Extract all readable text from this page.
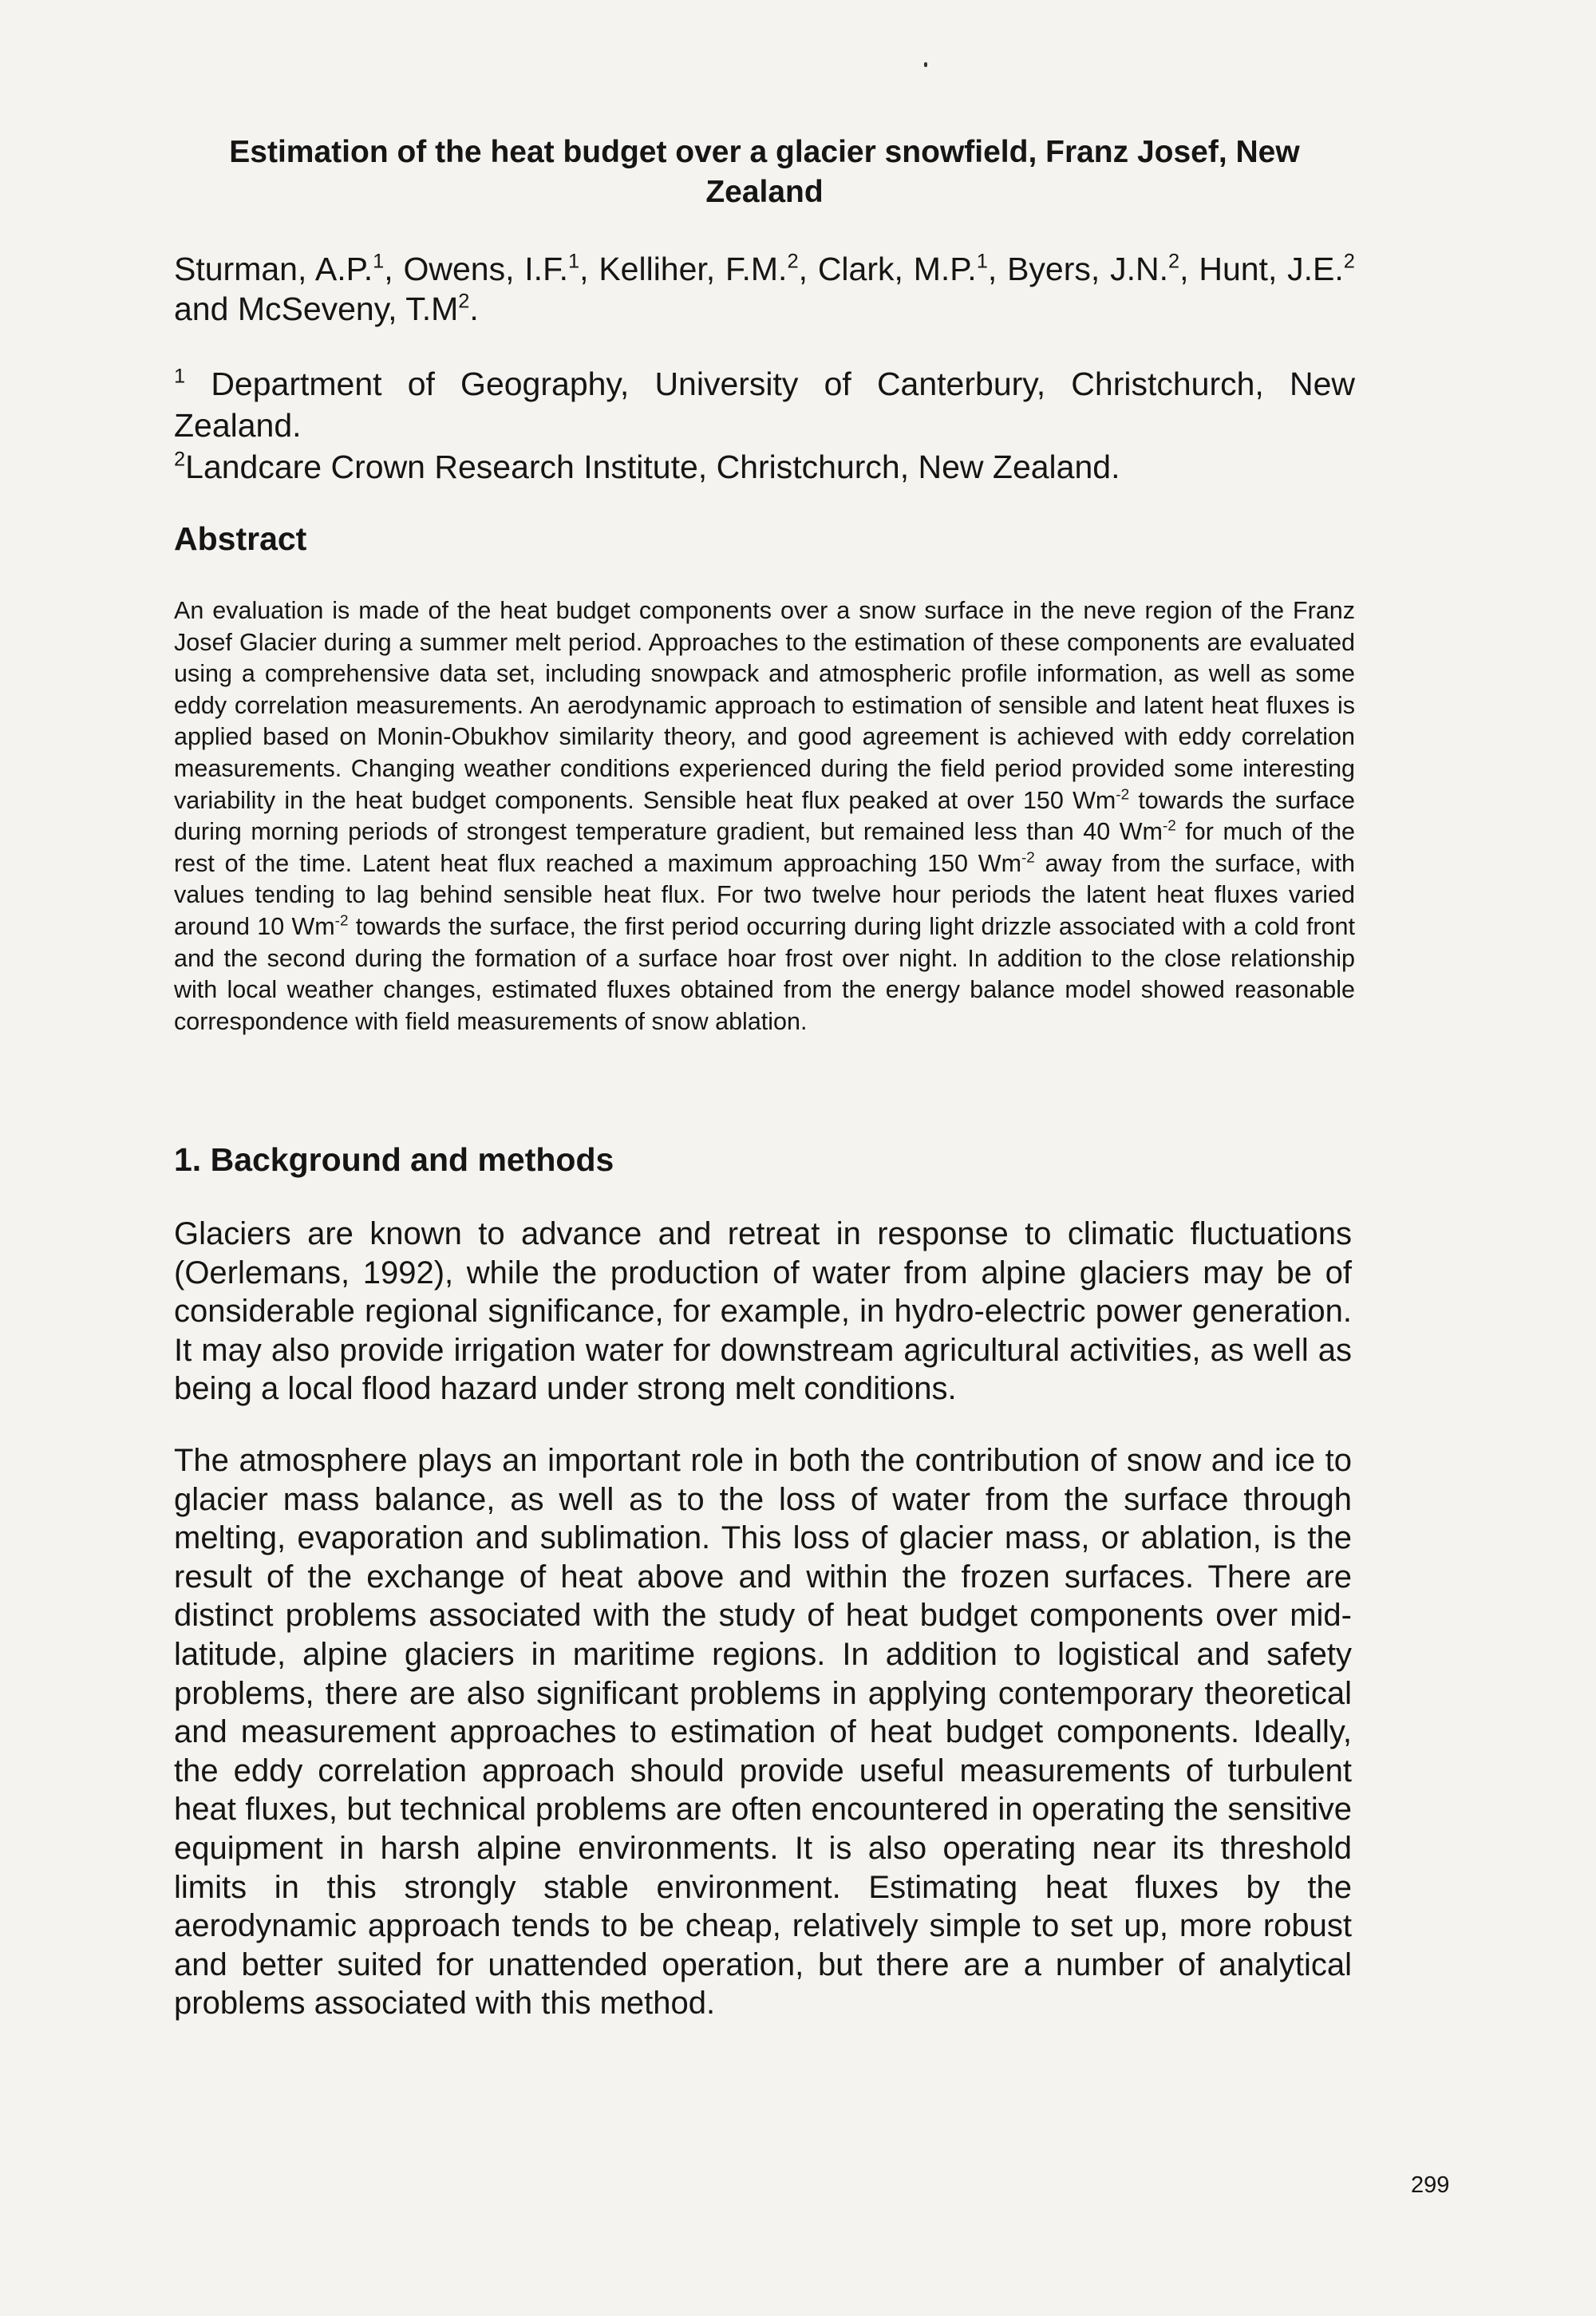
Estimation of the heat budget over a glacier snowfield, Franz Josef, New Zealand
Sturman, A.P.$^1$, Owens, I.F.$^1$, Kelliher, F.M.$^2$, Clark, M.P.$^1$, Byers, J.N.$^2$, Hunt, J.E.$^2$ and McSeveny, $T.M^2$.

$^1$ Department of Geography, University of Canterbury, Christchurch, New Zealand.

$^2$Landcare Crown Research Institute, Christchurch, New Zealand.

Abstract
An evaluation is made of the heat budget components over a snow surface in the neve region of the Franz Josef Glacier during a summer melt period. Approaches to the estimation of these components are evaluated using a comprehensive data set, including snowpack and atmospheric profile information, as well as some eddy correlation measurements. An aerodynamic approach to estimation of sensible and latent heat fluxes is applied based on Monin-Obukhov similarity theory, and good agreement is achieved with eddy correlation measurements. Changing weather conditions experienced during the field period provided some interesting variability in the heat budget components. Sensible heat flux peaked at over 150 $Wm^{-2}$ towards the surface during morning periods of strongest temperature gradient, but remained less than 40 $Wm^{-2}$ for much of the rest of the time. Latent heat flux reached a maximum approaching 150 $Wm^{-2}$ away from the surface, with values tending to lag behind sensible heat flux. For two twelve hour periods the latent heat fluxes varied around 10 $Wm^{-2}$ towards the surface, the first period occurring during light drizzle associated with a cold front and the second during the formation of a surface hoar frost over night. In addition to the close relationship with local weather changes, estimated fluxes obtained from the energy balance model showed reasonable correspondence with field measurements of snow ablation.
1. Background and methods

Glaciers are known to advance and retreat in response to climatic fluctuations (Oerlemans, 1992), while the production of water from alpine glaciers may be of considerable regional significance, for example, in hydro-electric power generation. It may also provide irrigation water for downstream agricultural activities, as well as being a local flood hazard under strong melt conditions.

The atmosphere plays an important role in both the contribution of snow and ice to glacier mass balance, as well as to the loss of water from the surface through melting, evaporation and sublimation. This loss of glacier mass, or ablation, is the result of the exchange of heat above and within the frozen surfaces. There are distinct problems associated with the study of heat budget components over mid-latitude, alpine glaciers in maritime regions. In addition to logistical and safety problems, there are also significant problems in applying contemporary theoretical and measurement approaches to estimation of heat budget components. Ideally, the eddy correlation approach should provide useful measurements of turbulent heat fluxes, but technical problems are often encountered in operating the sensitive equipment in harsh alpine environments. It is also operating near its threshold limits in this strongly stable environment. Estimating heat fluxes by the aerodynamic approach tends to be cheap, relatively simple to set up, more robust and better suited for unattended operation, but there are a number of analytical problems associated with this method.

299
